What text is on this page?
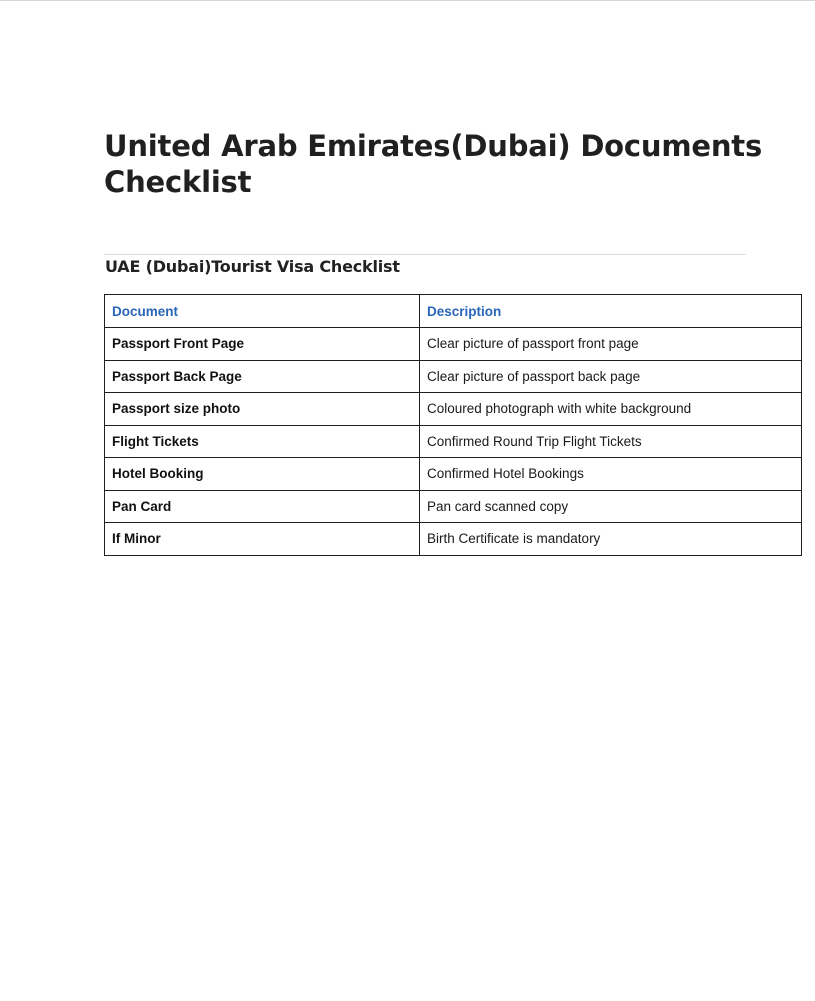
United Arab Emirates(Dubai) Documents Checklist
UAE (Dubai)Tourist Visa Checklist
Document	Description
Passport Front Page	Clear picture of passport front page
Passport Back Page	Clear picture of passport back page
Passport size photo	Coloured photograph with white background
Flight Tickets	Confirmed Round Trip Flight Tickets
Hotel Booking	Confirmed Hotel Bookings
Pan Card	Pan card scanned copy
If Minor	Birth Certificate is mandatory
